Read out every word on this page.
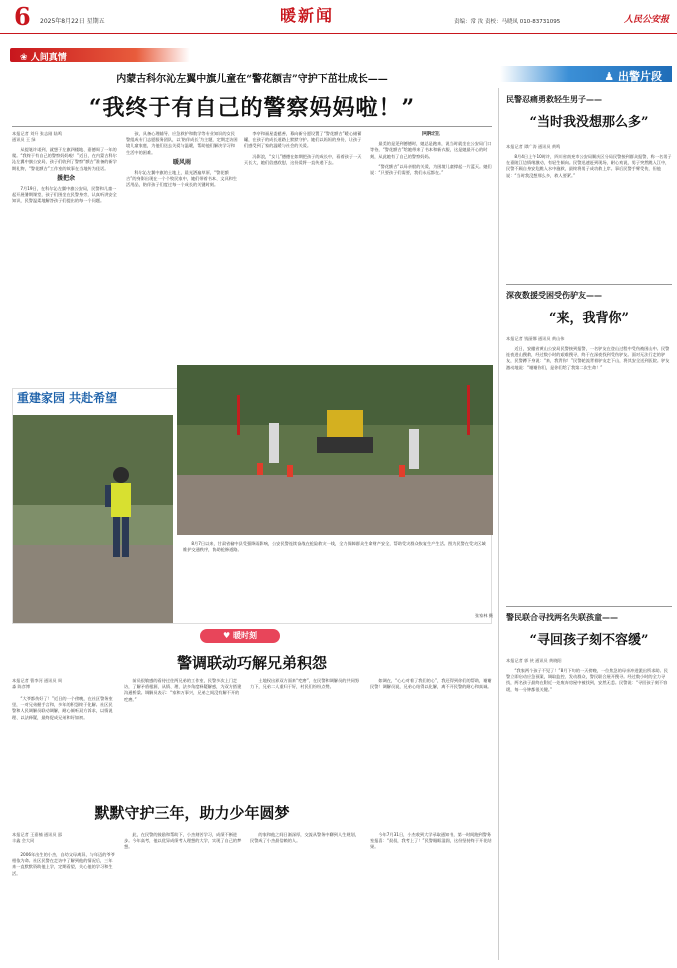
6 2025年8月22日 星期五	暖新闻	责编：常 汝 责校：马晓凤 010-83731095	人民公安报
❀ 人间真情
♟ 出警片段
内蒙古科尔沁左翼中旗儿童在“警花额吉”守护下茁壮成长——
“我终于有自己的警察妈妈啦！”
本报记者 刘升 张志刚 陆鸣 通讯员 王 绿

从提笔许诺到，就想于左旗四楼地、嘉德周了一年的爬。“我终于有自己的警察妈妈啦！”近日，在内蒙古科尔沁左翼中旗公安局，孩子们收到了警察“额吉”准备的新学期礼物，“警花额吉”工作室的故事在当地传为佳话。

援把余

7月19日，在科尔沁左翼中旗公安局，民警和儿童一起开展暑期课堂，孩子们围坐在民警身旁，认真听讲安全知识，民警温柔地解答孩子们提出的每一个问题。

孩，具备心理辅导、应急救护和数学等专业知识的女民警组成专门志愿服务团队，以‘陪伴成长’为主题，定期走访困境儿童家庭，为他们送去关爱与温暖，帮助他们解决学习和生活中的困难。

暖风雨

科尔沁左翼中旗的土地上，晨光洒遍草原，“警花额吉”的身影出现在一个个牧民家中，她们带着书本、文具和生活用品，陪伴孩子们度过每一个成长的关键时刻。

李亭和福星委慈善，募向新分愿设置了“警花额吉”暖心储蓄罐，在孩子的成长道路上默默守护。她们以妈妈的身份，让孩子们感受到了家的温暖与社会的关爱。

冯影浪，“女儿”德德在如期把孩子的成长中，看着孩子一天天长大，她们倍感欣慰，这份爱将一直传递下去。

向阳生

最美的是见到德德时，她总是跑来，说当时就坐在公安局门口等待，“警花额吉”给她带来了书本和新衣服，这是她最开心的时刻，从此她有了自己的警察妈妈。

“警花额吉”以母亲般的关爱，为困境儿童撑起一片蓝天。她们说：“只要孩子们需要，我们永远都在。”

重建家园 共赴希望

8月7日以来，甘肃省榆中县受强降雨影响，公安民警连续奋战在抢险救灾一线，全力保障群众生命财产安全，帮助受灾群众恢复生产生活。图为民警在受灾区域维护交通秩序，协助抢修道路。

张家林 摄
♥ 暖时刻
警调联动巧解兄弟积怨
本报记者 曹李河 通讯员 周 淼 陈彦博

“大爷都伤好了！”近日的一个傍晚，在社区警务室里，一对兄弟握手言和，多年的积怨终于化解。社区民警和人民调解员联动调解，耐心倾听双方诉求，以情说理、以法释疑，最终促成兄弟和好如初。

前员很敏感的看待过往两兄弟的工作室，民警多次上门走访，了解矛盾根源，从情、理、法多角度释疑解惑，为双方搭建沟通桥梁。调解员表示：“家和万事兴，兄弟之间没有解不开的疙瘩。”

土地权出界双方面来“疙瘩”，在民警和调解员的共同努力下，兄弟二人重归于好，村民们纷纷点赞。

如调在，“心心对着了我们的心”，我还得到你们的帮助，谢谢民警！调解员说，兄弟心结得以化解，离不开民警的耐心和真诚。

默默守护三年，助力少年圆梦
本报记者 王嘉楠 通讯员 邵丰鑫 会大同

2006年出生的小杰，自幼父母离异，与年迈的爷爷相依为命。社区民警在走访中了解到他的情况后，三年来一直默默资助他上学，定期看望，关心他的学习和生活。

此，在民警的鼓励和帮助下，小杰刻苦学习，成绩不断进步。今年高考，他以优异成绩考入理想的大学，实现了自己的梦想。

的家和他之间日渐深厚，交流从警务中聊到人生规划，民警成了小杰最信赖的人。

今年7月31日，小杰收到大学录取通知书，第一时间跑到警务室报喜：“叔叔，我考上了！”民警眼眶湿润，这份坚持终于开花结果。

民警忍痛勇救轻生男子——
“当时我没想那么多”
本报记者 谭广涛 通讯员 黄鸣

8月4日上午10时许，四川省南充市公安局顺庆区分局民警接到群众报警，称一名男子在嘉陵江边情绪激动，有轻生倾向。民警迅速赶到现场，耐心劝说，男子突然跳入江中，民警不顾自身安危跳入水中施救，最终将男子成功救上岸。事后民警手臂受伤，但他说：“当时我没想那么多，救人要紧。”

深夜数援受困受伤驴友——
“来，我背你”
本报记者 钱丽娜 通讯员 黄山伟

近日，安徽省黄山公安局民警接到报警，一名驴友在登山过程中受伤被困山中。民警连夜进山搜救，经过数小时的艰难搜寻，终于在深夜找到受伤驴友。面对无法行走的驴友，民警蹲下身说：“来，我背你！”民警轮流背着驴友走下山，将其安全送到医院。驴友激动地说：“谢谢你们，是你们给了我第二次生命！”

警民联合寻找两名失联孩童——
“寻回孩子刻不容缓”
本报记者 郭 侠 通讯员 黄晓阳

“我家两个孩子不见了！”8月下旬的一天傍晚，一位焦急的母亲冲进派出所求助。民警立即启动应急预案，调取监控、发动群众，警民联合展开搜寻。经过数小时的全力寻找，两名孩子最终在附近一处废弃房屋中被找到，安然无恙。民警说：“寻回孩子刻不容缓，每一分钟都很关键。”
